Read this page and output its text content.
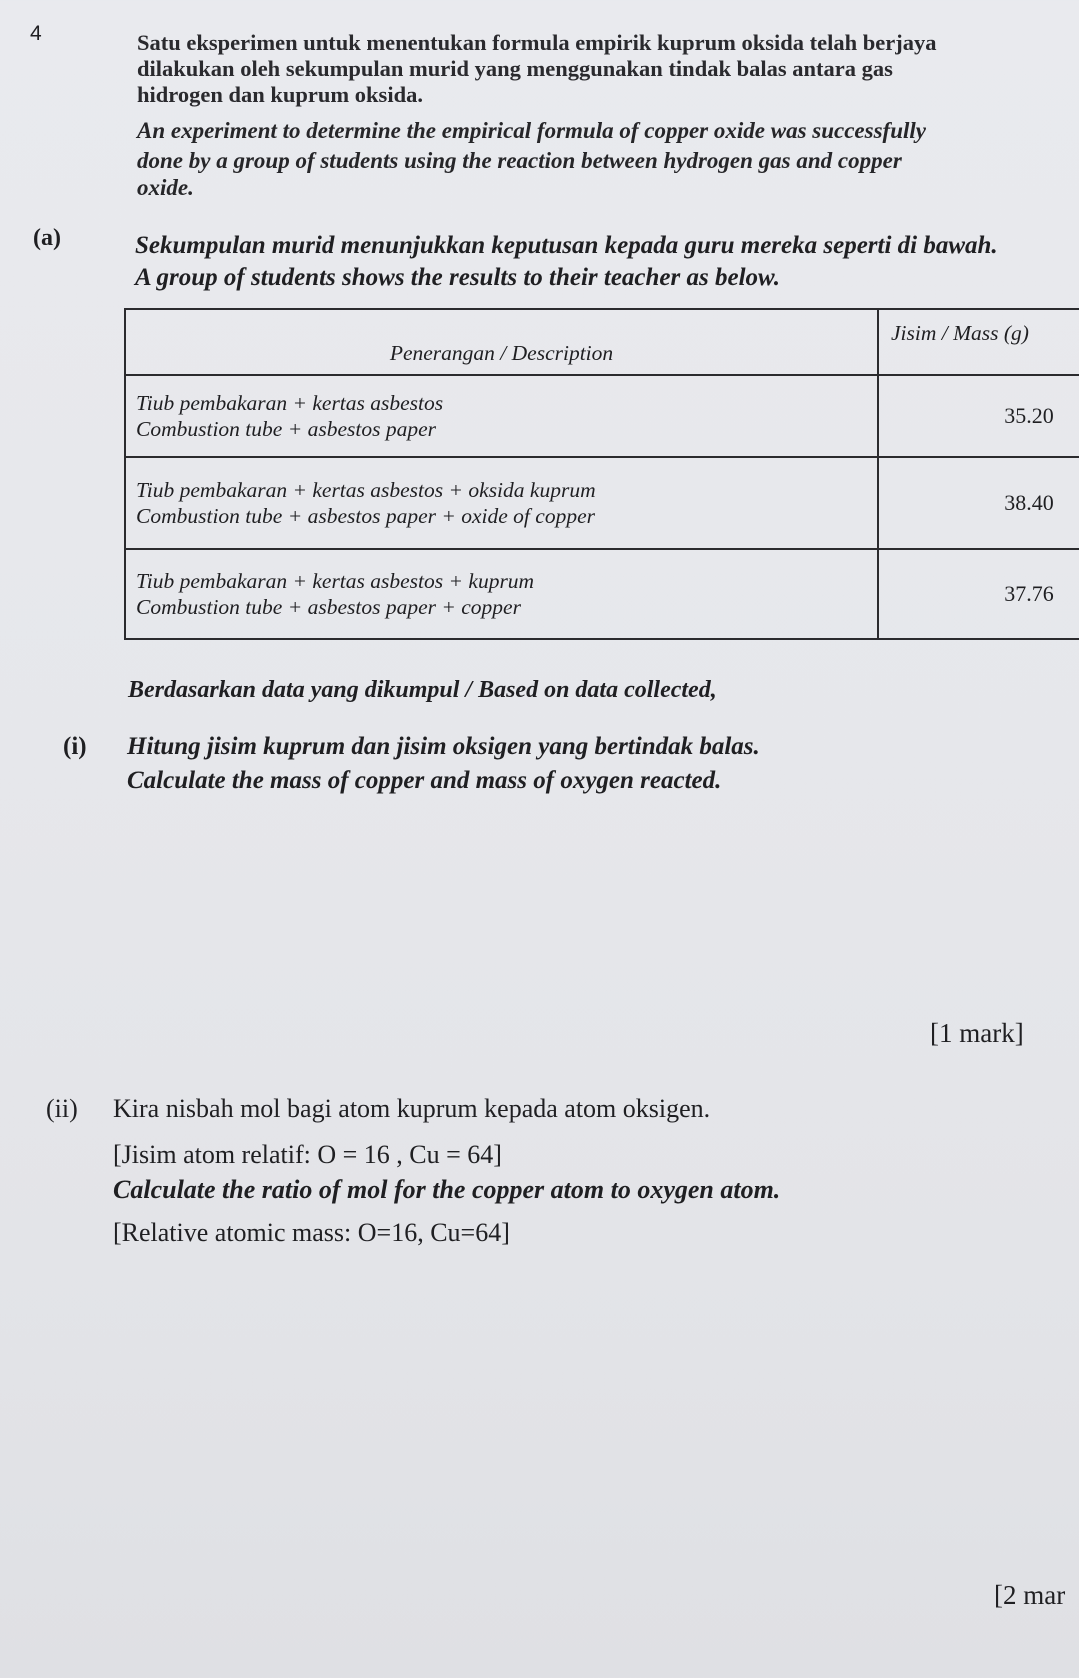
4	Satu eksperimen untuk menentukan formula empirik kuprum oksida telah berjaya
dilakukan oleh sekumpulan murid yang menggunakan tindak balas antara gas
hidrogen dan kuprum oksida.
An experiment to determine the empirical formula of copper oxide was successfully
done by a group of students using the reaction between hydrogen gas and copper
oxide.
(a)	Sekumpulan murid menunjukkan keputusan kepada guru mereka seperti di bawah.
A group of students shows the results to their teacher as below.
Penerangan / Description	Jisim / Mass (g)

Tiub pembakaran + kertas asbestos
Combustion tube + asbestos paper	35.20

Tiub pembakaran + kertas asbestos + oksida kuprum
Combustion tube + asbestos paper + oxide of copper	38.40

Tiub pembakaran + kertas asbestos + kuprum
Combustion tube + asbestos paper + copper	37.76
Berdasarkan data yang dikumpul / Based on data collected,
(i) Hitung jisim kuprum dan jisim oksigen yang bertindak balas.
Calculate the mass of copper and mass of oxygen reacted.
[1 mark]
(ii) Kira nisbah mol bagi atom kuprum kepada atom oksigen.
[Jisim atom relatif: O = 16 , Cu = 64]
Calculate the ratio of mol for the copper atom to oxygen atom.
[Relative atomic mass: O=16, Cu=64]
[2 mar
